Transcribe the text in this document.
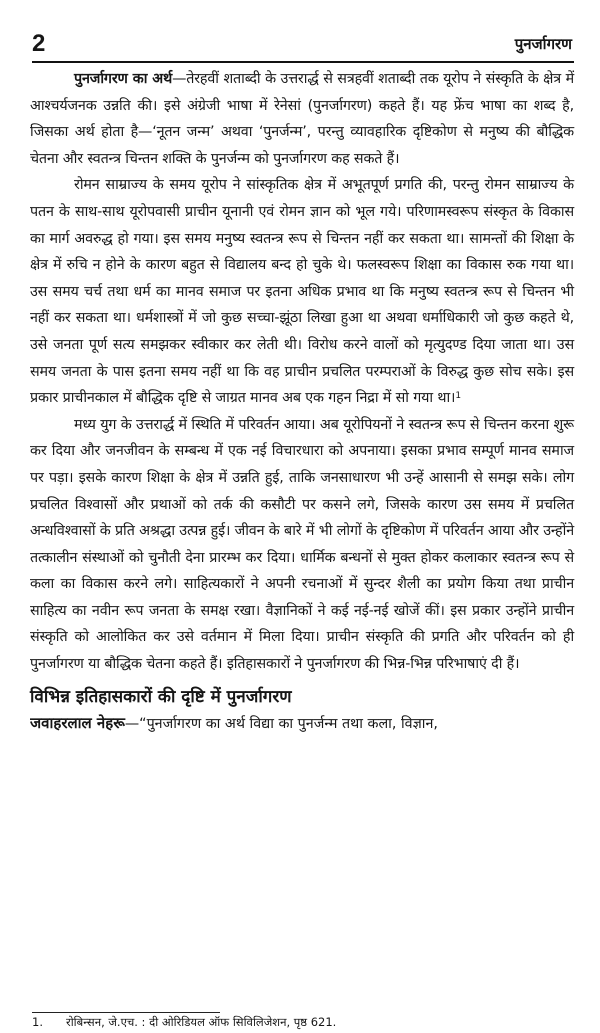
2	पुनर्जागरण

पुनर्जागरण का अर्थ—तेरहवीं शताब्दी के उत्तरार्द्ध से सत्रहवीं शताब्दी तक यूरोप ने संस्कृति के क्षेत्र में आश्चर्यजनक उन्नति की। इसे अंग्रेजी भाषा में रेनेसां (पुनर्जागरण) कहते हैं। यह फ्रेंच भाषा का शब्द है, जिसका अर्थ होता है—‘नूतन जन्म’ अथवा ‘पुनर्जन्म’, परन्तु व्यावहारिक दृष्टिकोण से मनुष्य की बौद्धिक चेतना और स्वतन्त्र चिन्तन शक्ति के पुनर्जन्म को पुनर्जागरण कह सकते हैं।

रोमन साम्राज्य के समय यूरोप ने सांस्कृतिक क्षेत्र में अभूतपूर्ण प्रगति की, परन्तु रोमन साम्राज्य के पतन के साथ-साथ यूरोपवासी प्राचीन यूनानी एवं रोमन ज्ञान को भूल गये। परिणामस्वरूप संस्कृत के विकास का मार्ग अवरुद्ध हो गया। इस समय मनुष्य स्वतन्त्र रूप से चिन्तन नहीं कर सकता था। सामन्तों की शिक्षा के क्षेत्र में रुचि न होने के कारण बहुत से विद्यालय बन्द हो चुके थे। फलस्वरूप शिक्षा का विकास रुक गया था। उस समय चर्च तथा धर्म का मानव समाज पर इतना अधिक प्रभाव था कि मनुष्य स्वतन्त्र रूप से चिन्तन भी नहीं कर सकता था। धर्मशास्त्रों में जो कुछ सच्चा-झूंठा लिखा हुआ था अथवा धर्माधिकारी जो कुछ कहते थे, उसे जनता पूर्ण सत्य समझकर स्वीकार कर लेती थी। विरोध करने वालों को मृत्युदण्ड दिया जाता था। उस समय जनता के पास इतना समय नहीं था कि वह प्राचीन प्रचलित परम्पराओं के विरुद्ध कुछ सोच सके। इस प्रकार प्राचीनकाल में बौद्धिक दृष्टि से जाग्रत मानव अब एक गहन निद्रा में सो गया था।$^1$

मध्य युग के उत्तरार्द्ध में स्थिति में परिवर्तन आया। अब यूरोपियनों ने स्वतन्त्र रूप से चिन्तन करना शुरू कर दिया और जनजीवन के सम्बन्ध में एक नई विचारधारा को अपनाया। इसका प्रभाव सम्पूर्ण मानव समाज पर पड़ा। इसके कारण शिक्षा के क्षेत्र में उन्नति हुई, ताकि जनसाधारण भी उन्हें आसानी से समझ सके। लोग प्रचलित विश्वासों और प्रथाओं को तर्क की कसौटी पर कसने लगे, जिसके कारण उस समय में प्रचलित अन्धविश्वासों के प्रति अश्रद्धा उत्पन्न हुई। जीवन के बारे में भी लोगों के दृष्टिकोण में परिवर्तन आया और उन्होंने तत्कालीन संस्थाओं को चुनौती देना प्रारम्भ कर दिया। धार्मिक बन्धनों से मुक्त होकर कलाकार स्वतन्त्र रूप से कला का विकास करने लगे। साहित्यकारों ने अपनी रचनाओं में सुन्दर शैली का प्रयोग किया तथा प्राचीन साहित्य का नवीन रूप जनता के समक्ष रखा। वैज्ञानिकों ने कई नई-नई खोजें कीं। इस प्रकार उन्होंने प्राचीन संस्कृति को आलोकित कर उसे वर्तमान में मिला दिया। प्राचीन संस्कृति की प्रगति और परिवर्तन को ही पुनर्जागरण या बौद्धिक चेतना कहते हैं। इतिहासकारों ने पुनर्जागरण की भिन्न-भिन्न परिभाषाएं दी हैं।

विभिन्न इतिहासकारों की दृष्टि में पुनर्जागरण

जवाहरलाल नेहरू—“पुनर्जागरण का अर्थ विद्या का पुनर्जन्म तथा कला, विज्ञान,

1. रोबिन्सन, जे.एच. : दी ओरिडियल ऑफ सिविलिजेशन, पृष्ठ 621.
